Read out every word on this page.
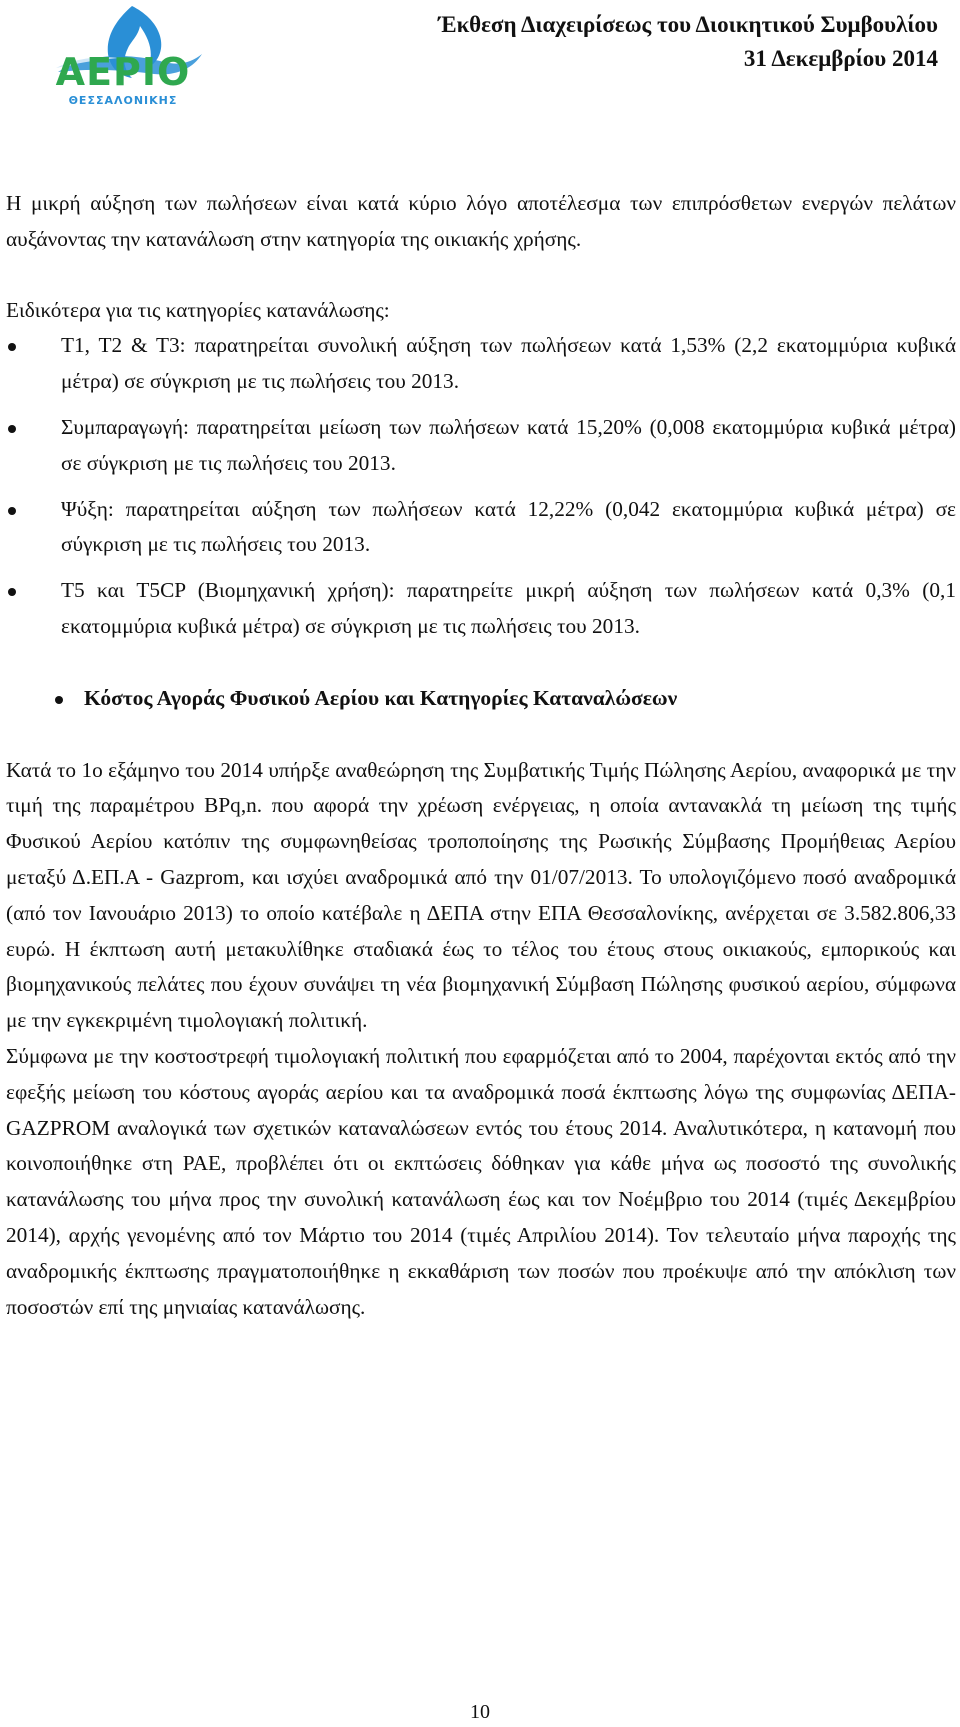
ΑΕΡΙΟ
ΘΕΣΣΑΛΟΝΙΚΗΣ
Έκθεση Διαχειρίσεως του Διοικητικού Συμβουλίου
31 Δεκεμβρίου 2014

Η μικρή αύξηση των πωλήσεων είναι κατά κύριο λόγο αποτέλεσμα των επιπρόσθετων ενεργών πελάτων αυξάνοντας την κατανάλωση στην κατηγορία της οικιακής χρήσης.

Ειδικότερα για τις κατηγορίες κατανάλωσης:

Τ1, Τ2 & Τ3: παρατηρείται συνολική αύξηση των πωλήσεων κατά 1,53% (2,2 εκατομμύρια κυβικά μέτρα) σε σύγκριση με τις πωλήσεις του 2013.
Συμπαραγωγή: παρατηρείται μείωση των πωλήσεων κατά 15,20% (0,008 εκατομμύρια κυβικά μέτρα) σε σύγκριση με τις πωλήσεις του 2013.
Ψύξη: παρατηρείται αύξηση των πωλήσεων κατά 12,22% (0,042 εκατομμύρια κυβικά μέτρα) σε σύγκριση με τις πωλήσεις του 2013.
Τ5 και Τ5CP (Βιομηχανική χρήση): παρατηρείτε μικρή αύξηση των πωλήσεων κατά 0,3% (0,1 εκατομμύρια κυβικά μέτρα) σε σύγκριση με τις πωλήσεις του 2013.
Κόστος Αγοράς Φυσικού Αερίου και Κατηγορίες Καταναλώσεων

Κατά το 1ο εξάμηνο του 2014 υπήρξε αναθεώρηση της Συμβατικής Τιμής Πώλησης Αερίου, αναφορικά με την τιμή της παραμέτρου ΒPq,n. που αφορά την χρέωση ενέργειας, η οποία αντανακλά τη μείωση της τιμής Φυσικού Αερίου κατόπιν της συμφωνηθείσας τροποποίησης της Ρωσικής Σύμβασης Προμήθειας Αερίου μεταξύ Δ.ΕΠ.Α - Gazprom, και ισχύει αναδρομικά από την 01/07/2013. Το υπολογιζόμενο ποσό αναδρομικά (από τον Ιανουάριο 2013) το οποίο κατέβαλε η ΔΕΠΑ στην ΕΠΑ Θεσσαλονίκης, ανέρχεται σε 3.582.806,33 ευρώ. Η έκπτωση αυτή μετακυλίθηκε σταδιακά έως το τέλος του έτους στους οικιακούς, εμπορικούς και βιομηχανικούς πελάτες που έχουν συνάψει τη νέα βιομηχανική Σύμβαση Πώλησης φυσικού αερίου, σύμφωνα με την εγκεκριμένη τιμολογιακή πολιτική.

Σύμφωνα με την κοστοστρεφή τιμολογιακή πολιτική που εφαρμόζεται από το 2004, παρέχονται εκτός από την εφεξής μείωση του κόστους αγοράς αερίου και τα αναδρομικά ποσά έκπτωσης λόγω της συμφωνίας ΔΕΠΑ-GAZPROM αναλογικά των σχετικών καταναλώσεων εντός του έτους 2014. Αναλυτικότερα, η κατανομή που κοινοποιήθηκε στη ΡΑΕ, προβλέπει ότι οι εκπτώσεις δόθηκαν για κάθε μήνα ως ποσοστό της συνολικής κατανάλωσης του μήνα προς την συνολική κατανάλωση έως και τον Νοέμβριο του 2014 (τιμές Δεκεμβρίου 2014), αρχής γενομένης από τον Μάρτιο του 2014 (τιμές Απριλίου 2014). Τον τελευταίο μήνα παροχής της αναδρομικής έκπτωσης πραγματοποιήθηκε η εκκαθάριση των ποσών που προέκυψε από την απόκλιση των ποσοστών επί της μηνιαίας κατανάλωσης.

10
